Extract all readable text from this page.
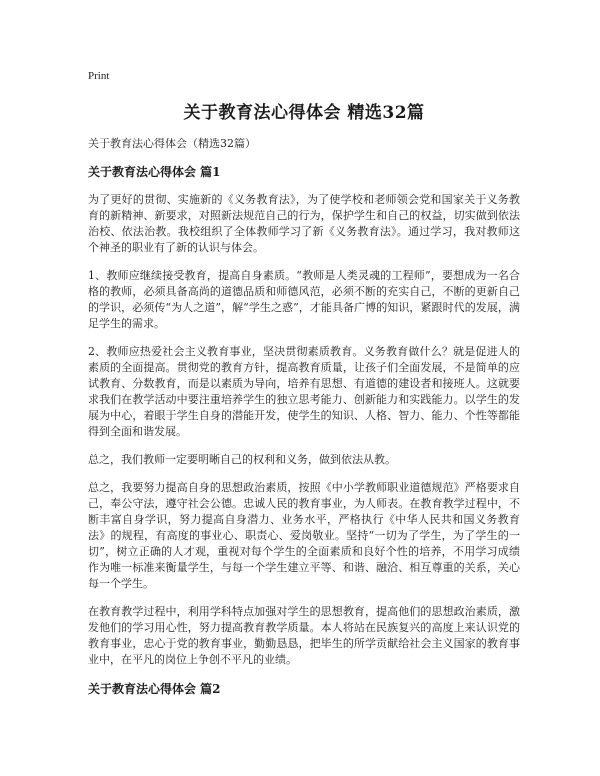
Print
关于教育法心得体会 精选32篇

关于教育法心得体会（精选32篇）

关于教育法心得体会 篇1

为了更好的贯彻、实施新的《义务教育法》，为了使学校和老师领会党和国家关于义务教育的新精神、新要求，对照新法规范自己的行为，保护学生和自己的权益，切实做到依法治校、依法治教。我校组织了全体教师学习了新《义务教育法》。通过学习，我对教师这个神圣的职业有了新的认识与体会。

1、教师应继续接受教育，提高自身素质。“教师是人类灵魂的工程师”，要想成为一名合格的教师，必须具备高尚的道德品质和师德风范，必须不断的充实自己，不断的更新自己的学识，必须传“为人之道”，解“学生之惑”，才能具备广博的知识，紧跟时代的发展，满足学生的需求。

2、教师应热爱社会主义教育事业，坚决贯彻素质教育。义务教育做什么？就是促进人的素质的全面提高。贯彻党的教育方针，提高教育质量，让孩子们全面发展，不是简单的应试教育、分数教育，而是以素质为导向，培养有思想、有道德的建设者和接班人。这就要求我们在教学活动中要注重培养学生的独立思考能力、创新能力和实践能力。以学生的发展为中心，着眼于学生自身的潜能开发，使学生的知识、人格、智力、能力、个性等都能得到全面和谐发展。

总之，我们教师一定要明晰自己的权利和义务，做到依法从教。

总之，我要努力提高自身的思想政治素质，按照《中小学教师职业道德规范》严格要求自己，奉公守法，遵守社会公德。忠诚人民的教育事业，为人师表。在教育教学过程中，不断丰富自身学识，努力提高自身潜力、业务水平，严格执行《中华人民共和国义务教育法》的规程，有高度的事业心、职责心、爱岗敬业。坚持“一切为了学生，为了学生的一切”，树立正确的人才观，重视对每个学生的全面素质和良好个性的培养，不用学习成绩作为唯一标准来衡量学生，与每一个学生建立平等、和谐、融洽、相互尊重的关系，关心每一个学生。

在教育教学过程中，利用学科特点加强对学生的思想教育，提高他们的思想政治素质，激发他们的学习用心性，努力提高教育教学质量。本人将站在民族复兴的高度上来认识党的教育事业，忠心于党的教育事业，勤勤恳恳，把毕生的所学贡献给社会主义国家的教育事业中，在平凡的岗位上争创不平凡的业绩。

关于教育法心得体会 篇2
